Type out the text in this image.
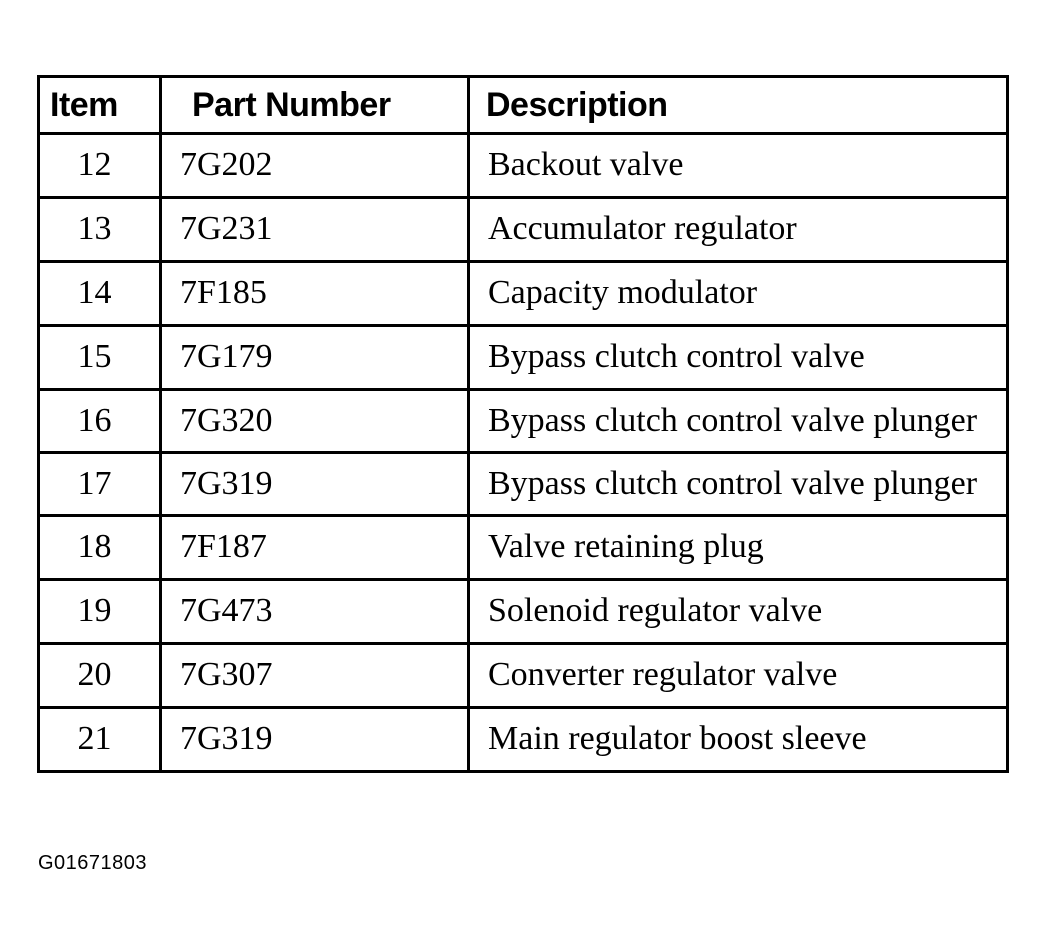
Item	Part Number	Description
12	7G202	Backout valve
13	7G231	Accumulator regulator
14	7F185	Capacity modulator
15	7G179	Bypass clutch control valve
16	7G320	Bypass clutch control valve plunger
17	7G319	Bypass clutch control valve plunger
18	7F187	Valve retaining plug
19	7G473	Solenoid regulator valve
20	7G307	Converter regulator valve
21	7G319	Main regulator boost sleeve
G01671803
